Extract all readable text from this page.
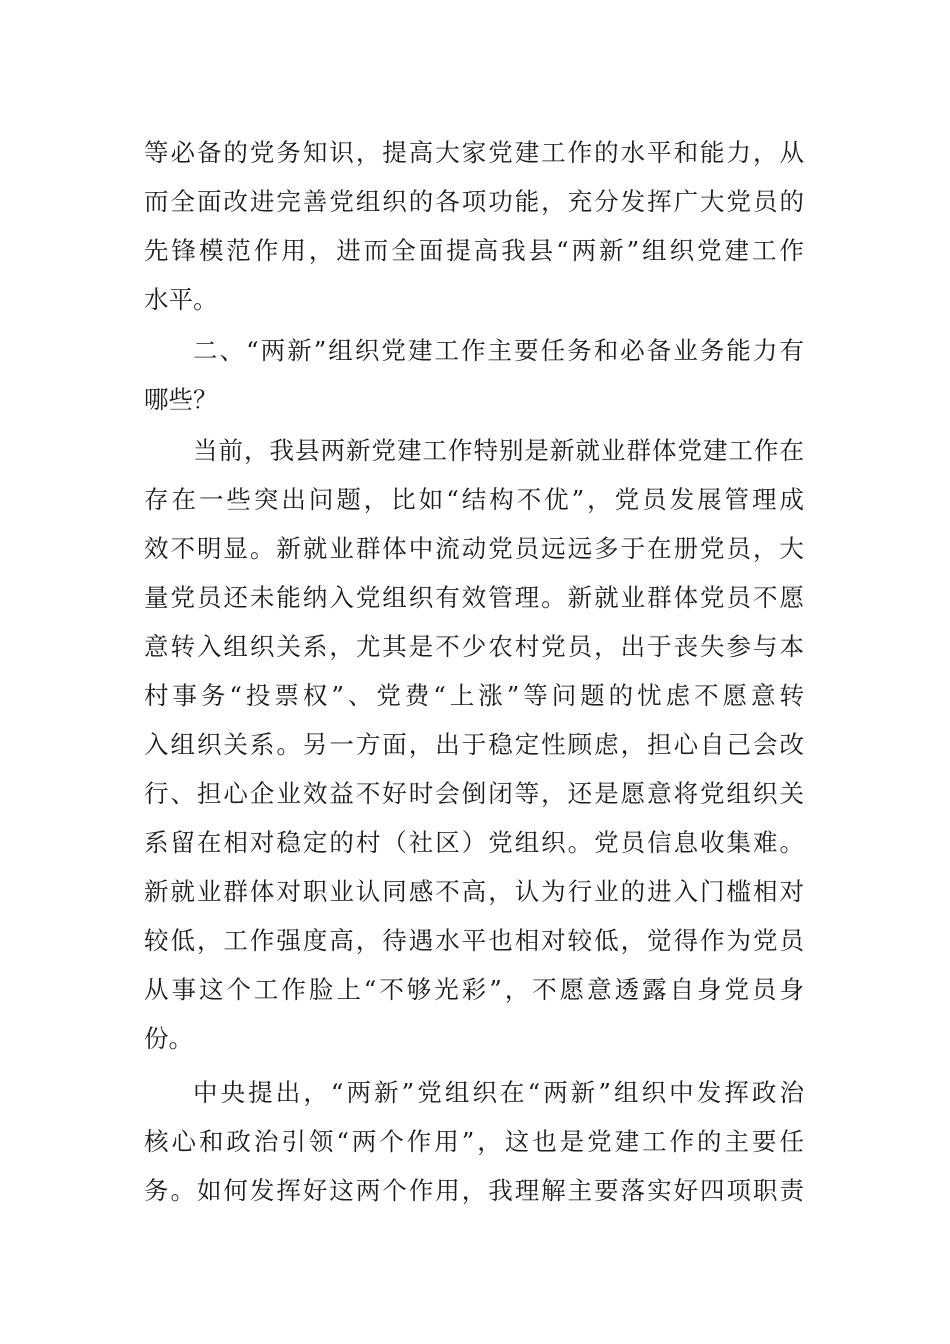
等必备的党务知识，提高大家党建工作的水平和能力，从
而全面改进完善党组织的各项功能，充分发挥广大党员的
先锋模范作用，进而全面提高我县“两新”组织党建工作
水平。
二、“两新”组织党建工作主要任务和必备业务能力有
哪些？
当前，我县两新党建工作特别是新就业群体党建工作在
存在一些突出问题，比如“结构不优”，党员发展管理成
效不明显。新就业群体中流动党员远远多于在册党员，大
量党员还未能纳入党组织有效管理。新就业群体党员不愿
意转入组织关系，尤其是不少农村党员，出于丧失参与本
村事务“投票权”、党费“上涨”等问题的忧虑不愿意转
入组织关系。另一方面，出于稳定性顾虑，担心自己会改
行、担心企业效益不好时会倒闭等，还是愿意将党组织关
系留在相对稳定的村（社区）党组织。党员信息收集难。
新就业群体对职业认同感不高，认为行业的进入门槛相对
较低，工作强度高，待遇水平也相对较低，觉得作为党员
从事这个工作脸上“不够光彩”，不愿意透露自身党员身
份。
中央提出，“两新”党组织在“两新”组织中发挥政治
核心和政治引领“两个作用”，这也是党建工作的主要任
务。如何发挥好这两个作用，我理解主要落实好四项职责
